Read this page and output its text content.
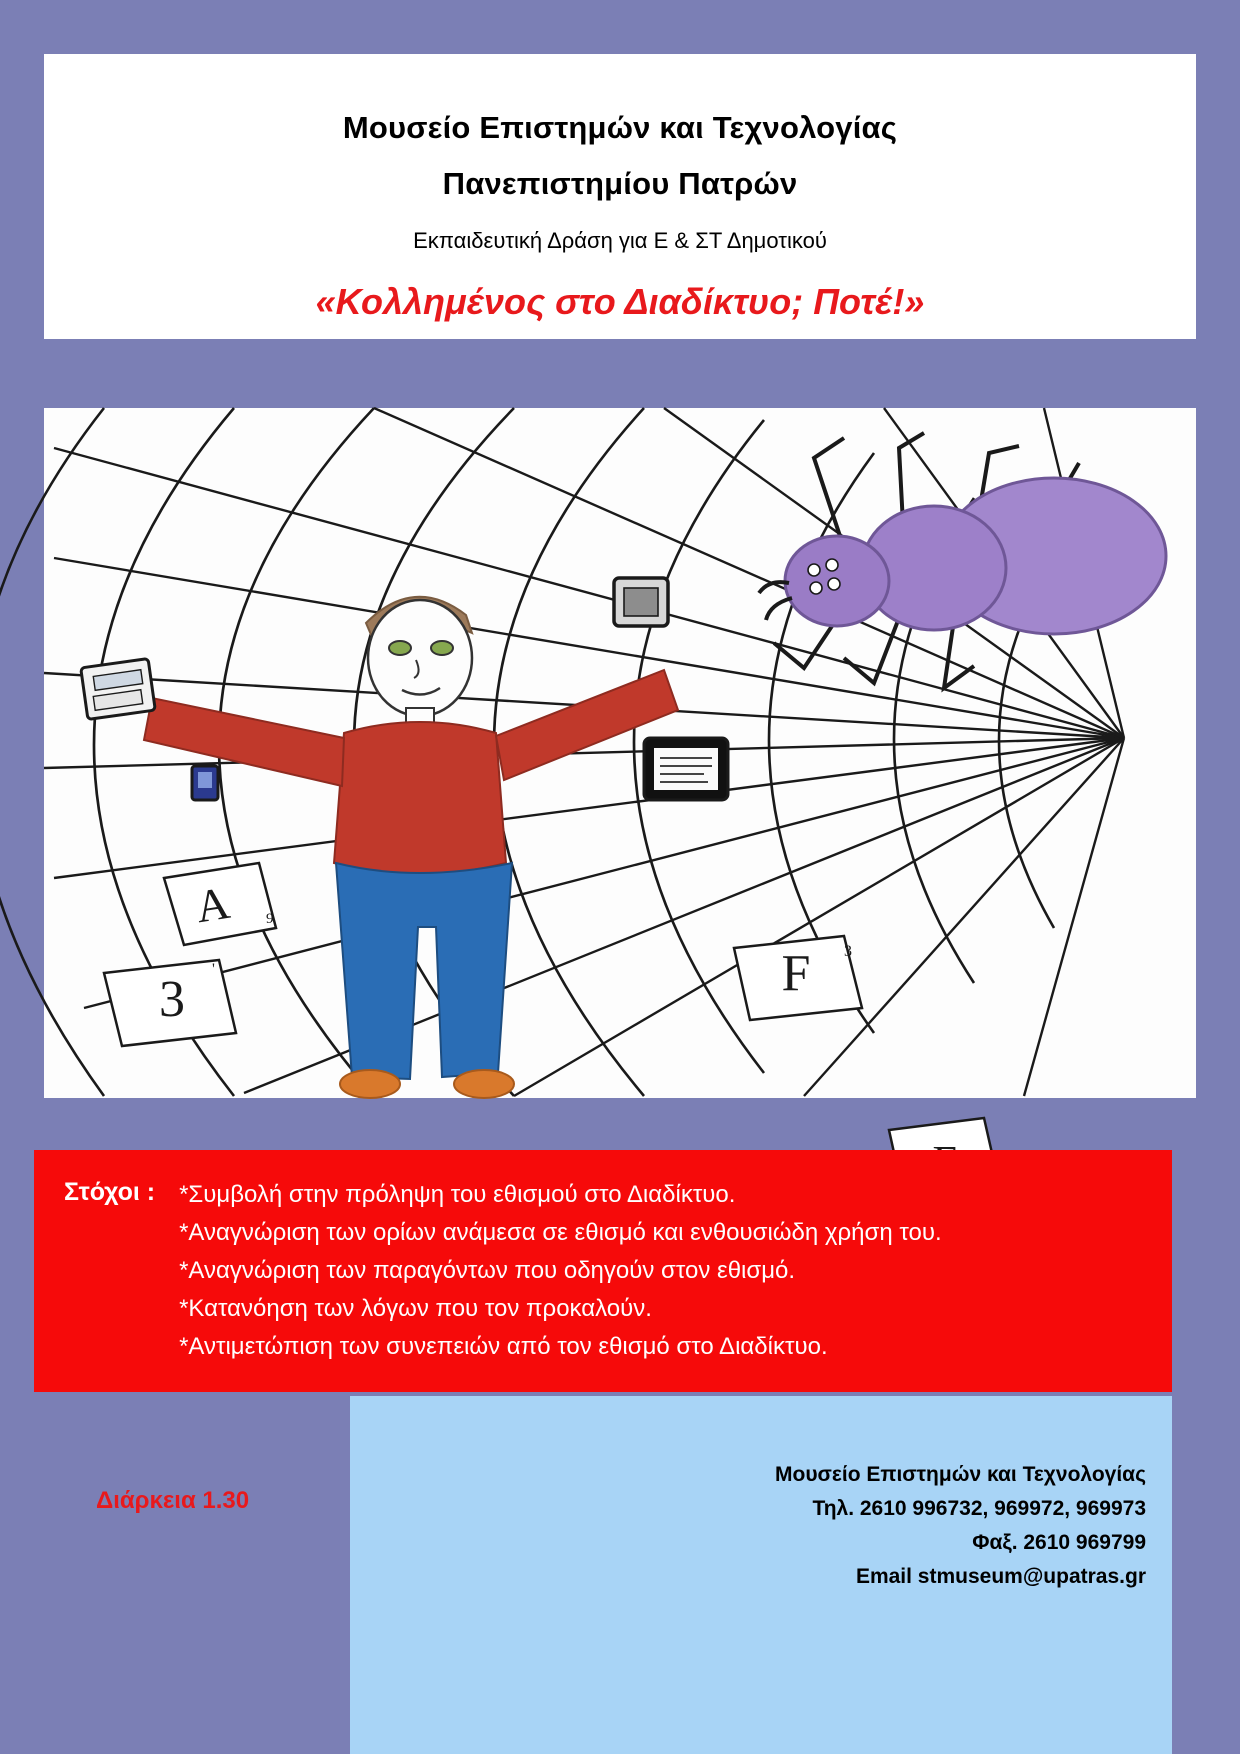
Μουσείο Επιστημών και Τεχνολογίας
Πανεπιστημίου Πατρών
Εκπαιδευτική Δράση για Ε & ΣΤ Δημοτικού
«Κολλημένος στο Διαδίκτυο; Ποτέ!»
A 9
F 3
3
'
Στόχοι : *Συμβολή στην πρόληψη του εθισμού στο Διαδίκτυο.
*Αναγνώριση των ορίων ανάμεσα σε εθισμό και ενθουσιώδη χρήση του.
*Αναγνώριση των παραγόντων που οδηγούν στον εθισμό.
*Κατανόηση των λόγων που τον προκαλούν.
*Αντιμετώπιση των συνεπειών από τον εθισμό στο Διαδίκτυο.
Μουσείο Επιστημών και Τεχνολογίας
Τηλ. 2610 996732, 969972, 969973
Φαξ. 2610 969799
Email stmuseum@upatras.gr
Διάρκεια 1.30
